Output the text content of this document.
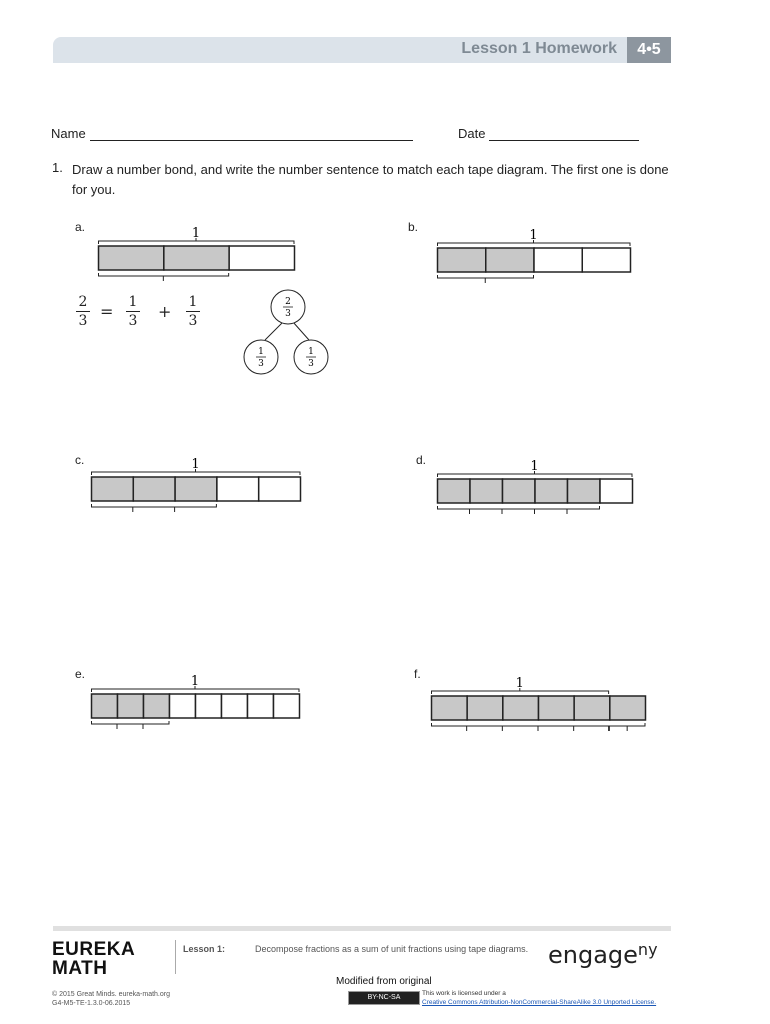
Lesson 1 Homework	4•5
Name	Date
1. Draw a number bond, and write the number sentence to match each tape diagram. The first one is done for you.
a.	b.
c.	d.
e.	f.
1	1
1	1
1	1
2
3 = 1
3 + 1
3
2
3
1
3
1
3
EUREKA
MATH
Lesson 1:	Decompose fractions as a sum of unit fractions using tape diagrams. engage$^{ny}$
Modified from original
© 2015 Great Minds. eureka-math.org
G4-M5-TE-1.3.0-06.2015
BY-NC-SA
This work is licensed under a
Creative Commons Attribution-NonCommercial-ShareAlike 3.0 Unported License.
